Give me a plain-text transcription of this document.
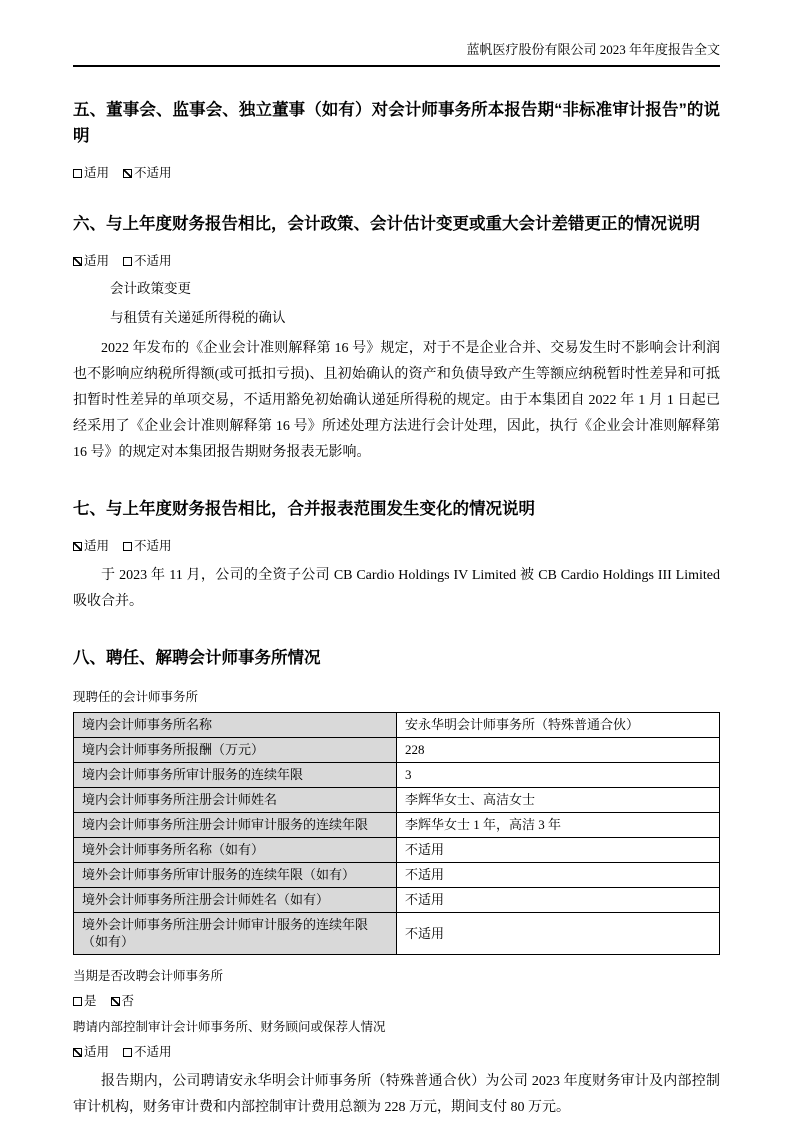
蓝帆医疗股份有限公司 2023 年年度报告全文
五、董事会、监事会、独立董事（如有）对会计师事务所本报告期“非标准审计报告”的说明
适用 不适用
六、与上年度财务报告相比，会计政策、会计估计变更或重大会计差错更正的情况说明
适用 不适用
会计政策变更
与租赁有关递延所得税的确认

2022 年发布的《企业会计准则解释第 16 号》规定，对于不是企业合并、交易发生时不影响会计利润也不影响应纳税所得额(或可抵扣亏损)、且初始确认的资产和负债导致产生等额应纳税暂时性差异和可抵扣暂时性差异的单项交易，不适用豁免初始确认递延所得税的规定。由于本集团自 2022 年 1 月 1 日起已经采用了《企业会计准则解释第 16 号》所述处理方法进行会计处理，因此，执行《企业会计准则解释第 16 号》的规定对本集团报告期财务报表无影响。

七、与上年度财务报告相比，合并报表范围发生变化的情况说明
适用 不适用

于 2023 年 11 月，公司的全资子公司 CB Cardio Holdings IV Limited 被 CB Cardio Holdings III Limited 吸收合并。

八、聘任、解聘会计师事务所情况
现聘任的会计师事务所
境内会计师事务所名称	安永华明会计师事务所（特殊普通合伙）
境内会计师事务所报酬（万元）	228
境内会计师事务所审计服务的连续年限	3
境内会计师事务所注册会计师姓名	李辉华女士、高洁女士
境内会计师事务所注册会计师审计服务的连续年限	李辉华女士 1 年，高洁 3 年
境外会计师事务所名称（如有）	不适用
境外会计师事务所审计服务的连续年限（如有）	不适用
境外会计师事务所注册会计师姓名（如有）	不适用
境外会计师事务所注册会计师审计服务的连续年限（如有）	不适用
当期是否改聘会计师事务所
是 否
聘请内部控制审计会计师事务所、财务顾问或保荐人情况
适用 不适用

报告期内，公司聘请安永华明会计师事务所（特殊普通合伙）为公司 2023 年度财务审计及内部控制审计机构，财务审计费和内部控制审计费用总额为 228 万元，期间支付 80 万元。
